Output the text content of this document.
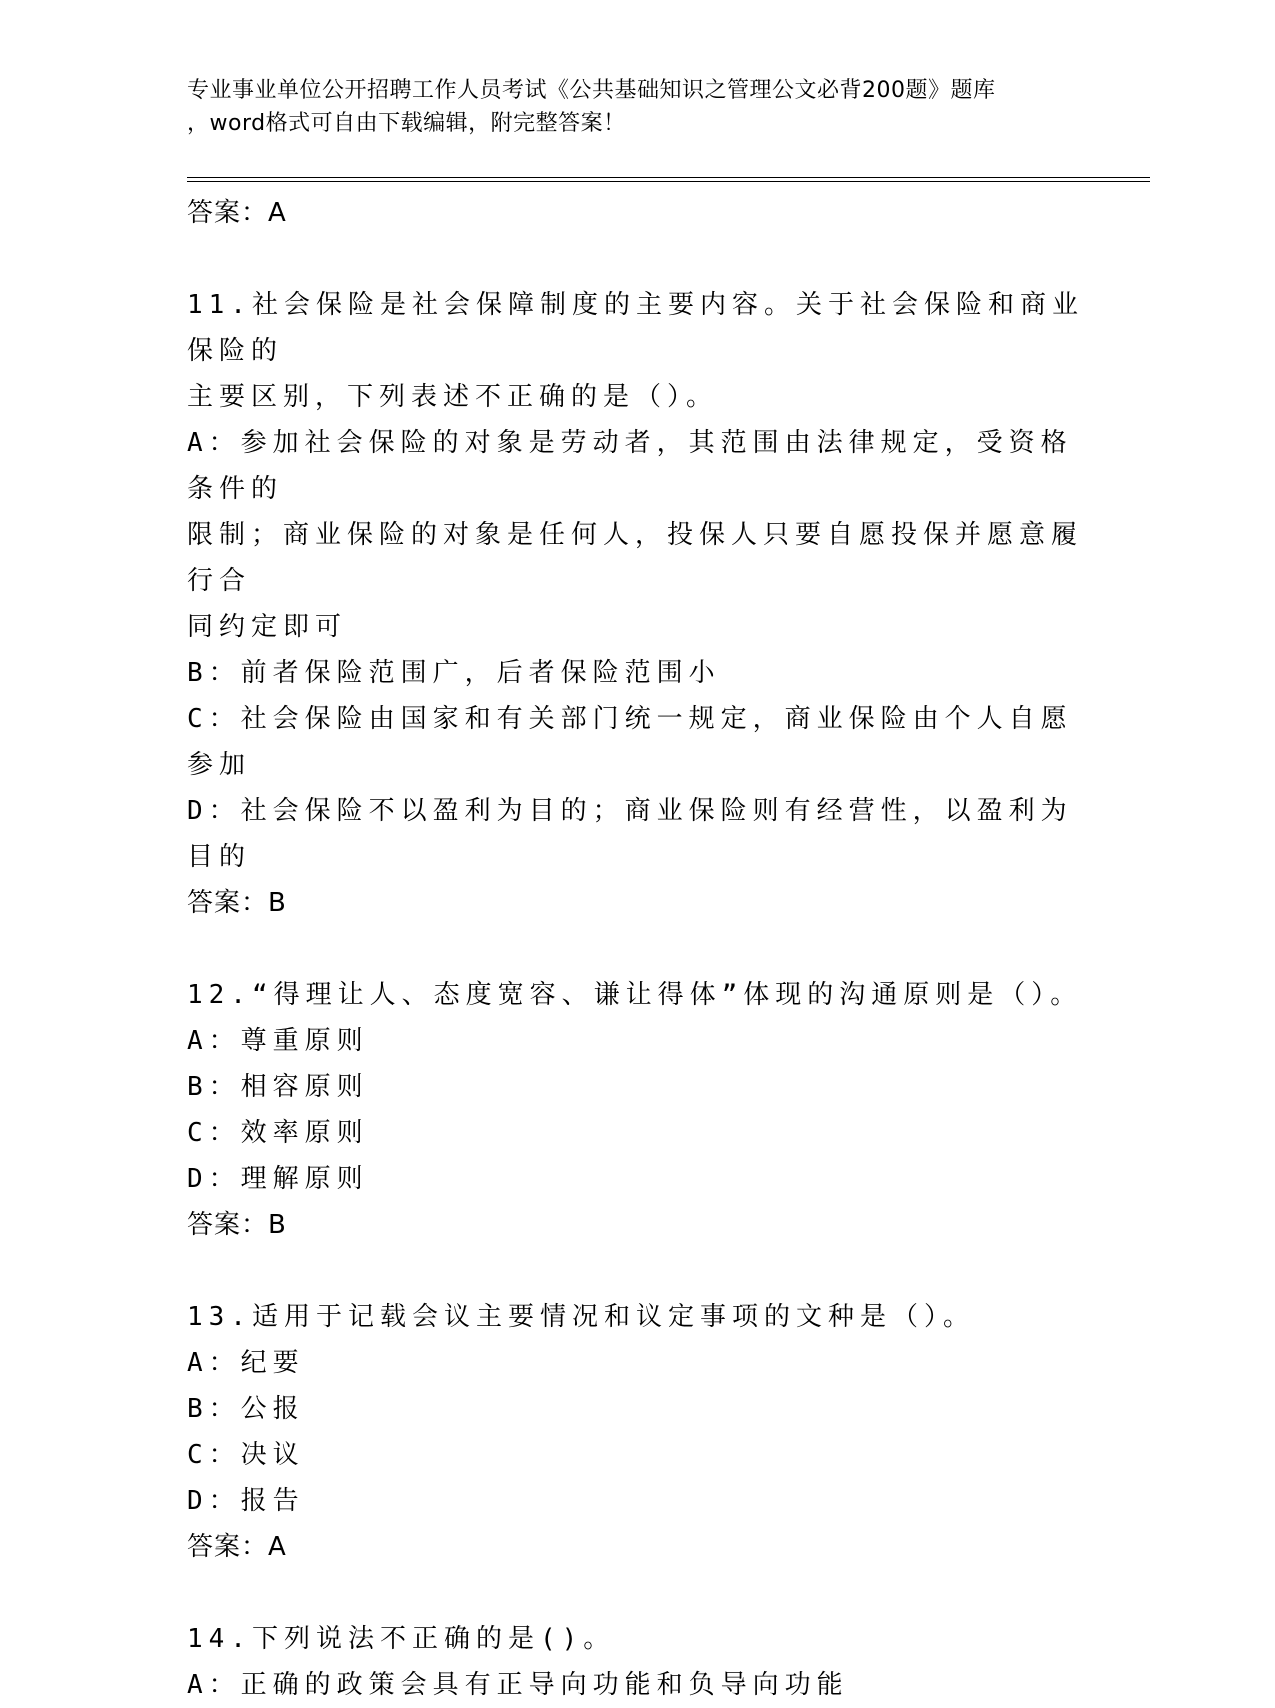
专业事业单位公开招聘工作人员考试《公共基础知识之管理公文必背200题》题库
，word格式可自由下载编辑，附完整答案！
答案：A
11.社会保险是社会保障制度的主要内容。关于社会保险和商业保险的
主要区别，下列表述不正确的是（）。
A：参加社会保险的对象是劳动者，其范围由法律规定，受资格条件的
限制；商业保险的对象是任何人，投保人只要自愿投保并愿意履行合
同约定即可
B：前者保险范围广，后者保险范围小
C：社会保险由国家和有关部门统一规定，商业保险由个人自愿参加
D：社会保险不以盈利为目的；商业保险则有经营性，以盈利为目的
答案：B
12.“得理让人、态度宽容、谦让得体”体现的沟通原则是（）。
A：尊重原则
B：相容原则
C：效率原则
D：理解原则
答案：B
13.适用于记载会议主要情况和议定事项的文种是（）。
A：纪要
B：公报
C：决议
D：报告
答案：A
14.下列说法不正确的是()。
A：正确的政策会具有正导向功能和负导向功能
